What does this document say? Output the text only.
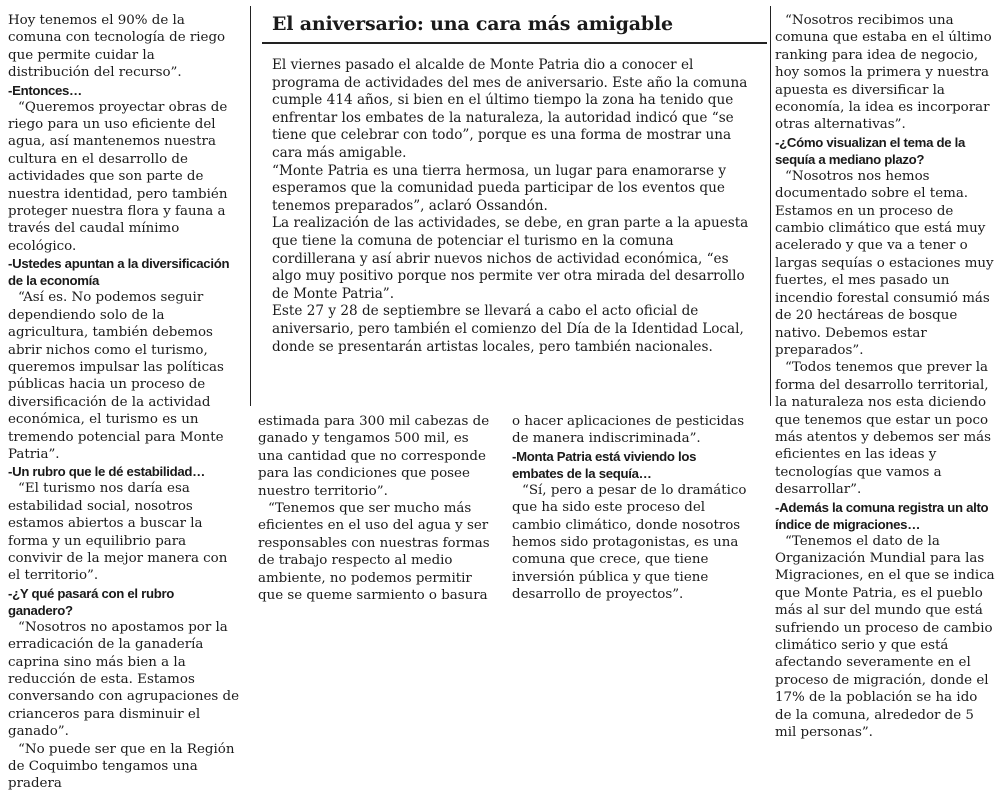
Hoy tenemos el 90% de la comuna con tecnología de riego que permite cuidar la distribución del recurso”.

-Entonces…

“Queremos proyectar obras de riego para un uso eficiente del agua, así mantenemos nuestra cultura en el desarrollo de actividades que son parte de nuestra identidad, pero también proteger nuestra flora y fauna a través del caudal mínimo ecológico.

-Ustedes apuntan a la diversificación de la economía

“Así es. No podemos seguir dependiendo solo de la agricultura, también debemos abrir nichos como el turismo, queremos impulsar las políticas públicas hacia un proceso de diversificación de la actividad económica, el turismo es un tremendo potencial para Monte Patria”.

-Un rubro que le dé estabilidad…

“El turismo nos daría esa estabilidad social, nosotros estamos abiertos a buscar la forma y un equilibrio para convivir de la mejor manera con el territorio”.

-¿Y qué pasará con el rubro ganadero?

“Nosotros no apostamos por la erradicación de la ganadería caprina sino más bien a la reducción de esta. Estamos conversando con agrupaciones de crianceros para disminuir el ganado”.

“No puede ser que en la Región de Coquimbo tengamos una pradera

El aniversario: una cara más amigable

El viernes pasado el alcalde de Monte Patria dio a conocer el programa de actividades del mes de aniversario. Este año la comuna cumple 414 años, si bien en el último tiempo la zona ha tenido que enfrentar los embates de la naturaleza, la autoridad indicó que “se tiene que celebrar con todo”, porque es una forma de mostrar una cara más amigable.

“Monte Patria es una tierra hermosa, un lugar para enamorarse y esperamos que la comunidad pueda participar de los eventos que tenemos preparados”, aclaró Ossandón.

La realización de las actividades, se debe, en gran parte a la apuesta que tiene la comuna de potenciar el turismo en la comuna cordillerana y así abrir nuevos nichos de actividad económica, “es algo muy positivo porque nos permite ver otra mirada del desarrollo de Monte Patria”.

Este 27 y 28 de septiembre se llevará a cabo el acto oficial de aniversario, pero también el comienzo del Día de la Identidad Local, donde se presentarán artistas locales, pero también nacionales.

estimada para 300 mil cabezas de ganado y tengamos 500 mil, es una cantidad que no corresponde para las condiciones que posee nuestro territorio”.

“Tenemos que ser mucho más eficientes en el uso del agua y ser responsables con nuestras formas de trabajo respecto al medio ambiente, no podemos permitir que se queme sarmiento o basura

o hacer aplicaciones de pesticidas de manera indiscriminada”.

-Monta Patria está viviendo los embates de la sequía…

“Sí, pero a pesar de lo dramático que ha sido este proceso del cambio climático, donde nosotros hemos sido protagonistas, es una comuna que crece, que tiene inversión pública y que tiene desarrollo de proyectos”.

“Nosotros recibimos una comuna que estaba en el último ranking para idea de negocio, hoy somos la primera y nuestra apuesta es diversificar la economía, la idea es incorporar otras alternativas”.

-¿Cómo visualizan el tema de la sequía a mediano plazo?

“Nosotros nos hemos documentado sobre el tema. Estamos en un proceso de cambio climático que está muy acelerado y que va a tener o largas sequías o estaciones muy fuertes, el mes pasado un incendio forestal consumió más de 20 hectáreas de bosque nativo. Debemos estar preparados”.

“Todos tenemos que prever la forma del desarrollo territorial, la naturaleza nos esta diciendo que tenemos que estar un poco más atentos y debemos ser más eficientes en las ideas y tecnologías que vamos a desarrollar”.

-Además la comuna registra un alto índice de migraciones…

“Tenemos el dato de la Organización Mundial para las Migraciones, en el que se indica que Monte Patria, es el pueblo más al sur del mundo que está sufriendo un proceso de cambio climático serio y que está afectando severamente en el proceso de migración, donde el 17% de la población se ha ido de la comuna, alrededor de 5 mil personas”.
